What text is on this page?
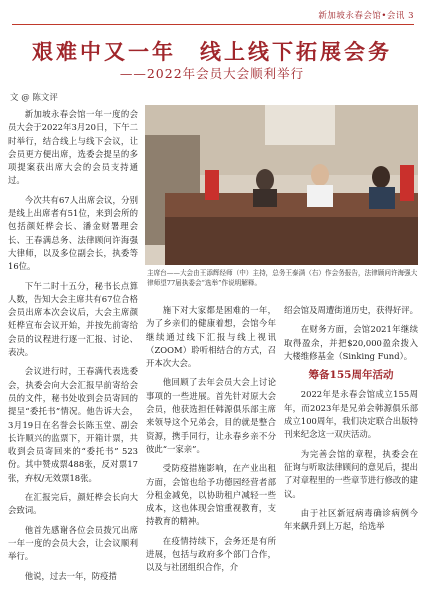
新加坡永春会馆•会讯 3
艰难中又一年　线上线下拓展会务
——2022年会员大会顺利举行
文 @ 陈文评
主席台——大会由王添辉经师（中）主持，总务王泰满（右）作会务报告，法律顾问许海强大律师望77届执委会“选举”作说明解释。

新加坡永春会馆一年一度的会员大会于2022年3月20日，下午二时举行，结合线上与线下会议，让会员更方便出席，选委会提呈的多项提案获出席大会的会员支持通过。

今次共有67人出席会议，分别是线上出席者有51位，来到会所的包括颜妊桦会长、潘金财署理会长、王春满总务、法律顾问许海强大律师，以及多位副会长，执委等 16位。

下午二时十五分，秘书长点算人数，告知大会主席共有67位合格会员出席本次会议后，大会主席颜妊桦宣布会议开始，并按先前寄给会员的议程进行逐一汇报、讨论、表决。

会议进行时，王春满代表选委会，执委会向大会汇报早前寄给会员的文件，秘书处收到会员寄回的提呈“委托书”情况。他告诉大会，3月19日在名誉会长陈玉堂、副会长许顺兴的监票下，开箱计票，共收到会员寄回来的“委托书” 523份。其中赞成票488张，反对票17张，弃权/无效票18张。

在汇报完后，颜妊桦会长向大会致词。

他首先感谢各位会员拨冗出席一年一度的会员大会，让会议顺利举行。

他说，过去一年，防疫措

施下对大家都是困难的一年，为了乡亲们的健康着想，会馆今年继续通过线下汇报与线上视讯（ZOOM）聆听相结合的方式，召开本次大会。

他回顾了去年会员大会上讨论事项的一些进展。首先针对原大会会员，他获选担任韩源俱乐部主席来领导这个兄弟会，目的就是整合资源，携手同行，让永春乡亲不分彼此“一家亲”。

受防疫措施影响，在产业出租方面，会馆也给予功德园经营者部分租金减免，以协助租户减轻一些成本，这也体现会馆重视教育，支持教育的精神。

在疫情持续下，会务还是有所进展，包括与政府多个部门合作，以及与社团组织合作，介

绍会馆及周遭街道历史，获得好评。

在财务方面，会馆2021年继续取得盈余，并把$20,000盈余拨入大楼维修基金（Sinking Fund）。

筹备155周年活动

2022年是永春会馆成立155周年，而2023年是兄弟会韩源俱乐部成立100周年，我们决定联合出版特刊来纪念这一双庆活动。

为完善会馆的章程，执委会在征询与听取法律顾问的意见后，提出了对章程里的一些章节进行修改的建议。

由于社区新冠病毒确诊病例今年来飙升到上万起，给选举
